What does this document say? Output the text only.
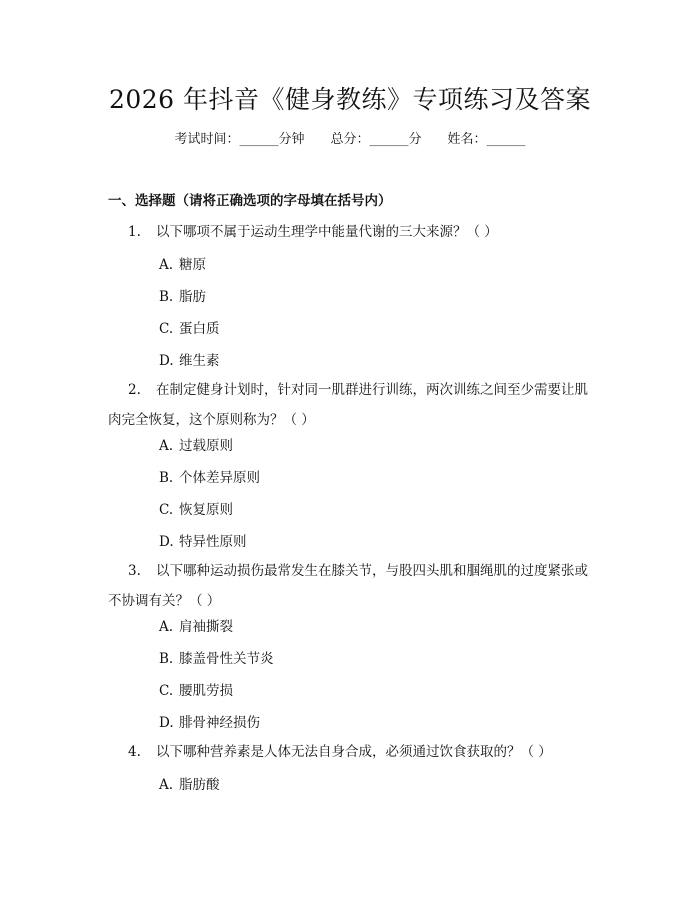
2026 年抖音《健身教练》专项练习及答案
考试时间：______分钟 总分：______分 姓名：______
一、选择题（请将正确选项的字母填在括号内）
1. 以下哪项不属于运动生理学中能量代谢的三大来源？（ ）
A. 糖原
B. 脂肪
C. 蛋白质
D. 维生素
2. 在制定健身计划时，针对同一肌群进行训练，两次训练之间至少需要让肌肉完全恢复，这个原则称为？（ ）
A. 过载原则
B. 个体差异原则
C. 恢复原则
D. 特异性原则
3. 以下哪种运动损伤最常发生在膝关节，与股四头肌和腘绳肌的过度紧张或不协调有关？（ ）
A. 肩袖撕裂
B. 膝盖骨性关节炎
C. 腰肌劳损
D. 腓骨神经损伤
4. 以下哪种营养素是人体无法自身合成，必须通过饮食获取的？（ ）
A. 脂肪酸
